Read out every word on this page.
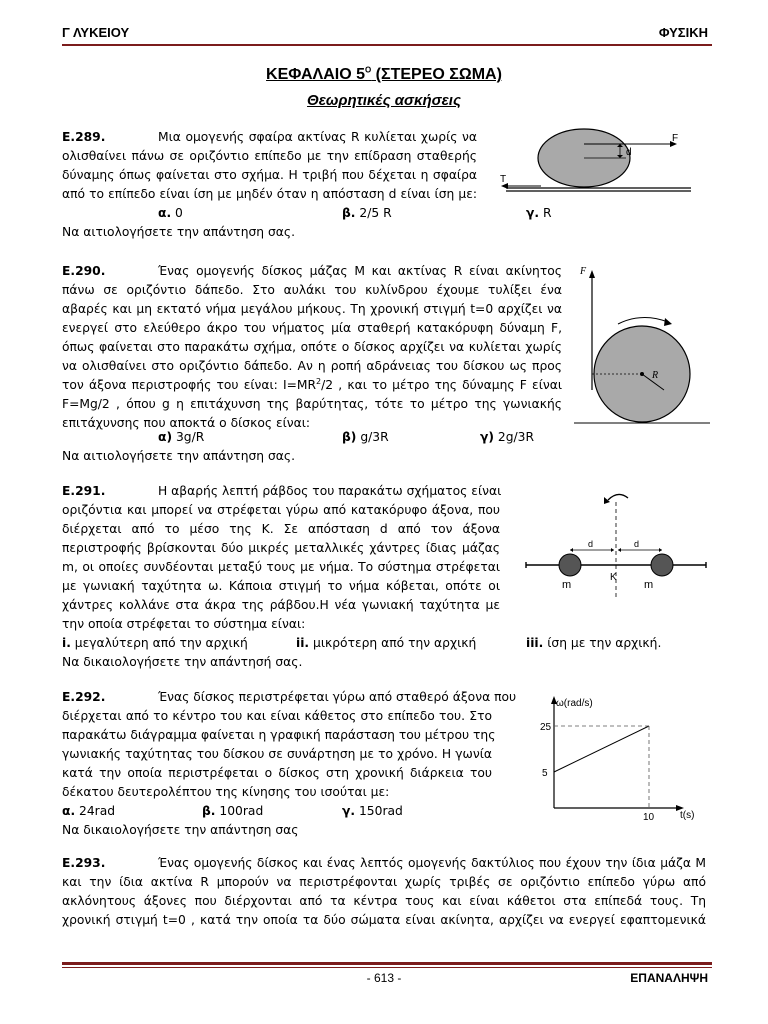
Γ ΛΥΚΕΙΟΥ	ΦΥΣΙΚΗ
ΚΕΦΑΛΑΙΟ $5^O$ (ΣΤΕΡΕΟ ΣΩΜΑ)
Θεωρητικές ασκήσεις
Ε.289.	Μια ομογενής σφαίρα ακτίνας R κυλίεται χωρίς να
ολισθαίνει πάνω σε οριζόντιο επίπεδο με την επίδραση σταθερής
δύναμης όπως φαίνεται στο σχήμα. Η τριβή που δέχεται η σφαίρα
από το επίπεδο είναι ίση με μηδέν όταν η απόσταση d είναι ίση με:
α. 0	β. 2/5 R	γ. R
Να αιτιολογήσετε την απάντηση σας.
F
d
T
Ε.290.	Ένας ομογενής δίσκος μάζας Μ και ακτίνας R είναι ακίνητος
πάνω σε οριζόντιο δάπεδο. Στο αυλάκι του κυλίνδρου έχουμε τυλίξει ένα
αβαρές και μη εκτατό νήμα μεγάλου μήκους. Τη χρονική στιγμή t=0 αρχίζει να
ενεργεί στο ελεύθερο άκρο του νήματος μία σταθερή κατακόρυφη δύναμη F,
όπως φαίνεται στο παρακάτω σχήμα, οπότε ο δίσκος αρχίζει να κυλίεται χωρίς
να ολισθαίνει στο οριζόντιο δάπεδο. Αν η ροπή αδράνειας του δίσκου ως προς
τον άξονα περιστροφής του είναι: $I=MR^2/2$ , και το μέτρο της δύναμης F είναι
F=Mg/2 , όπου g η επιτάχυνση της βαρύτητας, τότε το μέτρο της γωνιακής
επιτάχυνσης που αποκτά ο δίσκος είναι:
α) 3g/R	β) g/3R	γ) 2g/3R
Να αιτιολογήσετε την απάντηση σας.
F
R
Ε.291.	Η αβαρής λεπτή ράβδος του παρακάτω σχήματος είναι
οριζόντια και μπορεί να στρέφεται γύρω από κατακόρυφο άξονα, που
διέρχεται από το μέσο της Κ. Σε απόσταση d από τον άξονα
περιστροφής βρίσκονται δύο μικρές μεταλλικές χάντρες ίδιας μάζας
m, οι οποίες συνδέονται μεταξύ τους με νήμα. Το σύστημα στρέφεται
με γωνιακή ταχύτητα ω. Κάποια στιγμή το νήμα κόβεται, οπότε οι
χάντρες κολλάνε στα άκρα της ράβδου.Η νέα γωνιακή ταχύτητα με
την οποία στρέφεται το σύστημα είναι:
i. μεγαλύτερη από την αρχική	ii. μικρότερη από την αρχική	iii. ίση με την αρχική.
Να δικαιολογήσετε την απάντησή σας.
d	d
m
K
m
Ε.292.	Ένας δίσκος περιστρέφεται γύρω από σταθερό άξονα που
διέρχεται από το κέντρο του και είναι κάθετος στο επίπεδο του. Στο
παρακάτω διάγραμμα φαίνεται η γραφική παράσταση του μέτρου της
γωνιακής ταχύτητας του δίσκου σε συνάρτηση με το χρόνο. Η γωνία
κατά την οποία περιστρέφεται ο δίσκος στη χρονική διάρκεια του
δέκατου δευτερολέπτου της κίνησης του ισούται με:
α. 24rad	β. 100rad	γ. 150rad
Να δικαιολογήσετε την απάντηση σας
ω(rad/s)
t(s)
25
5
10
Ε.293.	Ένας ομογενής δίσκος και ένας λεπτός ομογενής δακτύλιος που έχουν την ίδια μάζα Μ
και την ίδια ακτίνα R μπορούν να περιστρέφονται χωρίς τριβές σε οριζόντιο επίπεδο γύρω από
ακλόνητους άξονες που διέρχονται από τα κέντρα τους και είναι κάθετοι στα επίπεδά τους. Τη
χρονική στιγμή t=0 , κατά την οποία τα δύο σώματα είναι ακίνητα, αρχίζει να ενεργεί εφαπτομενικά
- 613 -	ΕΠΑΝΑΛΗΨΗ
